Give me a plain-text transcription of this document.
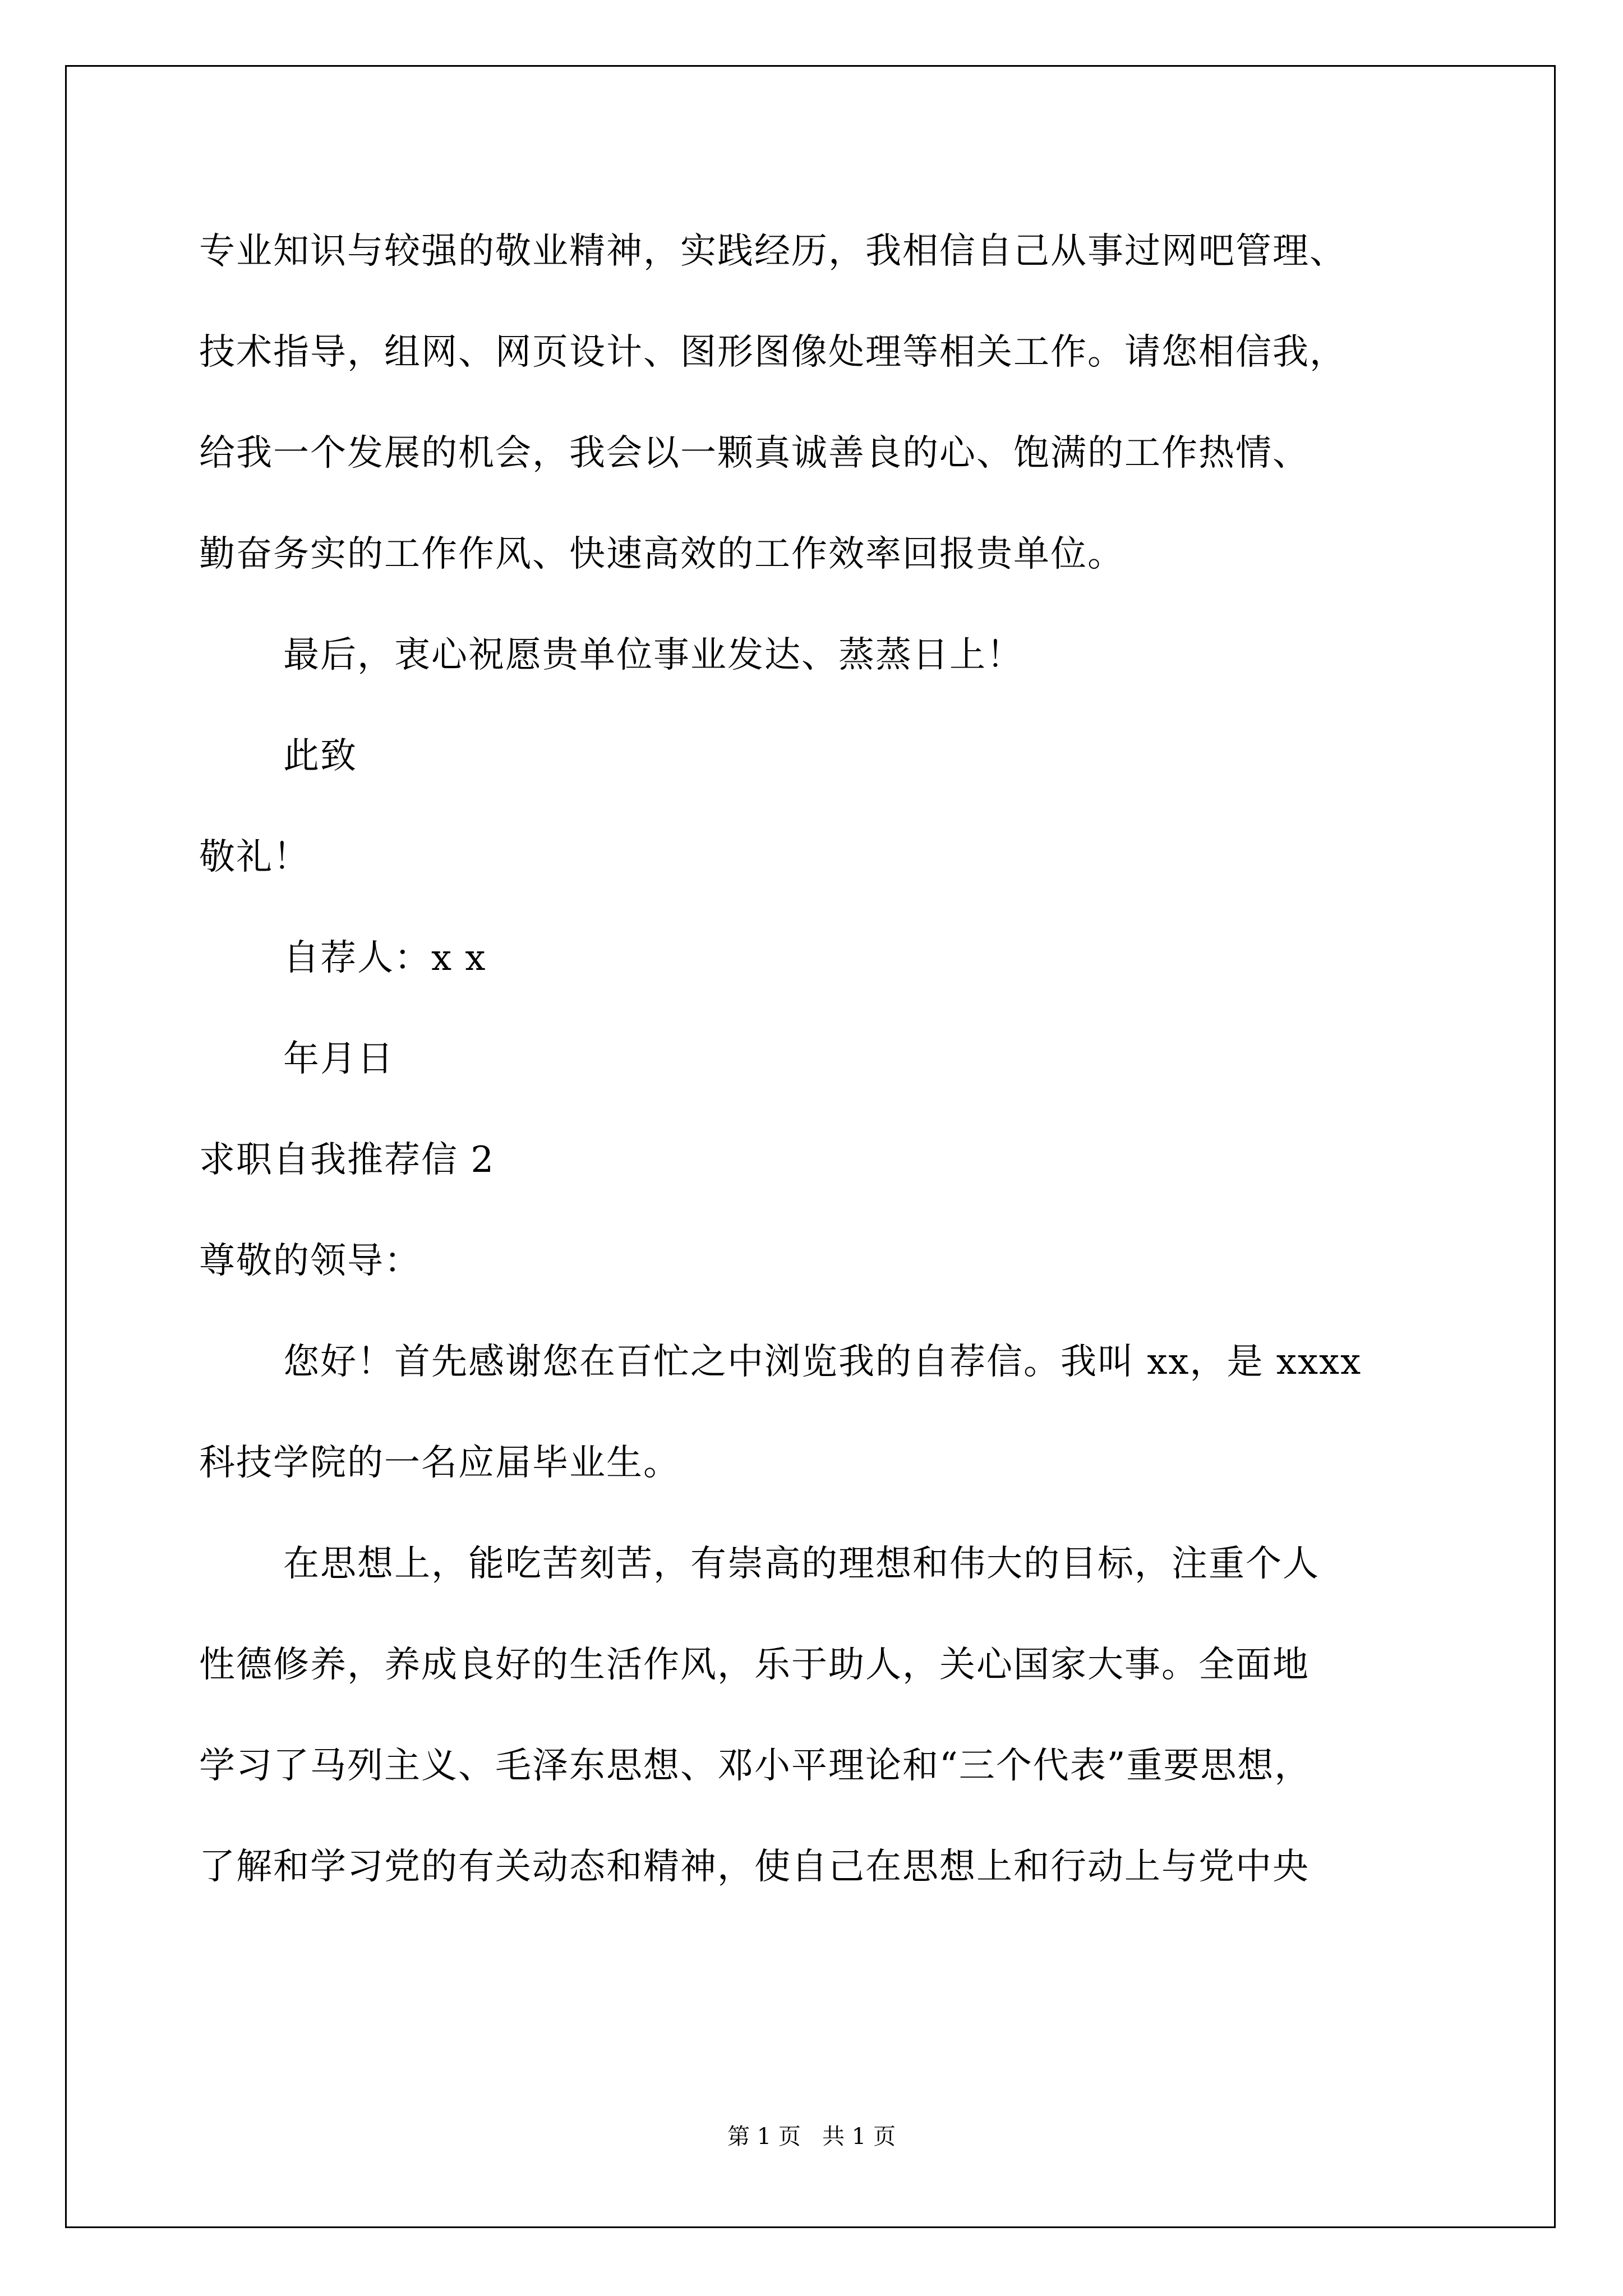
专业知识与较强的敬业精神，实践经历，我相信自己从事过网吧管理、
技术指导，组网、网页设计、图形图像处理等相关工作。请您相信我，
给我一个发展的机会，我会以一颗真诚善良的心、饱满的工作热情、
勤奋务实的工作作风、快速高效的工作效率回报贵单位。
最后，衷心祝愿贵单位事业发达、蒸蒸日上！
此致
敬礼！
自荐人：x x
年月日
求职自我推荐信 2
尊敬的领导：
您好！首先感谢您在百忙之中浏览我的自荐信。我叫 xx，是 xxxx
科技学院的一名应届毕业生。
在思想上，能吃苦刻苦，有崇高的理想和伟大的目标，注重个人
性德修养，养成良好的生活作风，乐于助人，关心国家大事。全面地
学习了马列主义、毛泽东思想、邓小平理论和“三个代表”重要思想，
了解和学习党的有关动态和精神，使自己在思想上和行动上与党中央
第 1 页   共 1 页
